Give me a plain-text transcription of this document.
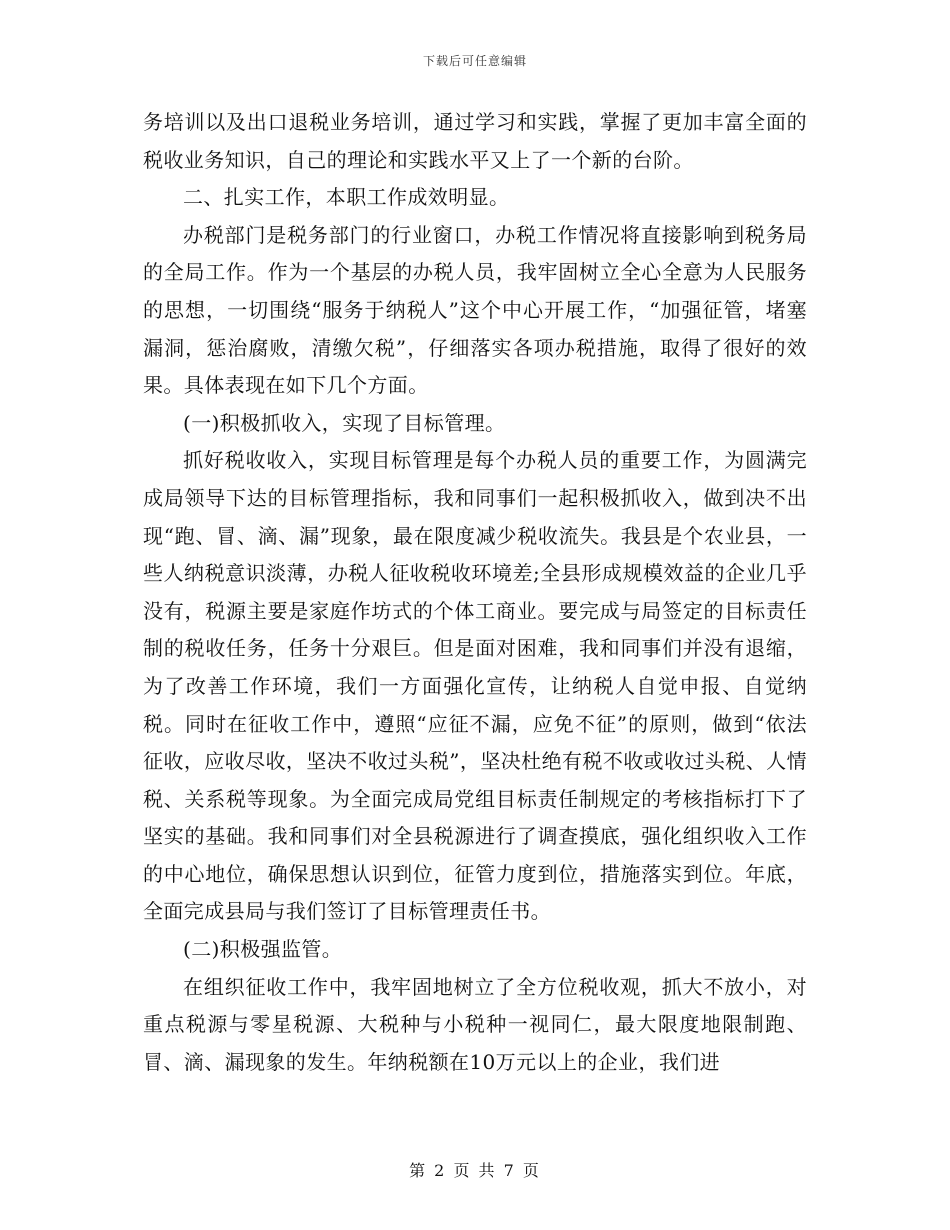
下载后可任意编辑

务培训以及出口退税业务培训，通过学习和实践，掌握了更加丰富全面的税收业务知识，自己的理论和实践水平又上了一个新的台阶。

二、扎实工作，本职工作成效明显。

办税部门是税务部门的行业窗口，办税工作情况将直接影响到税务局的全局工作。作为一个基层的办税人员，我牢固树立全心全意为人民服务的思想，一切围绕“服务于纳税人”这个中心开展工作，“加强征管，堵塞漏洞，惩治腐败，清缴欠税”，仔细落实各项办税措施，取得了很好的效果。具体表现在如下几个方面。

(一)积极抓收入，实现了目标管理。

抓好税收收入，实现目标管理是每个办税人员的重要工作，为圆满完成局领导下达的目标管理指标，我和同事们一起积极抓收入，做到决不出现“跑、冒、滴、漏”现象，最在限度减少税收流失。我县是个农业县，一些人纳税意识淡薄，办税人征收税收环境差;全县形成规模效益的企业几乎没有，税源主要是家庭作坊式的个体工商业。要完成与局签定的目标责任制的税收任务，任务十分艰巨。但是面对困难，我和同事们并没有退缩，为了改善工作环境，我们一方面强化宣传，让纳税人自觉申报、自觉纳税。同时在征收工作中，遵照“应征不漏，应免不征”的原则，做到“依法征收，应收尽收，坚决不收过头税”，坚决杜绝有税不收或收过头税、人情税、关系税等现象。为全面完成局党组目标责任制规定的考核指标打下了坚实的基础。我和同事们对全县税源进行了调查摸底，强化组织收入工作的中心地位，确保思想认识到位，征管力度到位，措施落实到位。年底，全面完成县局与我们签订了目标管理责任书。

(二)积极强监管。

在组织征收工作中，我牢固地树立了全方位税收观，抓大不放小，对重点税源与零星税源、大税种与小税种一视同仁，最大限度地限制跑、冒、滴、漏现象的发生。年纳税额在10万元以上的企业，我们进

第 2 页 共 7 页
